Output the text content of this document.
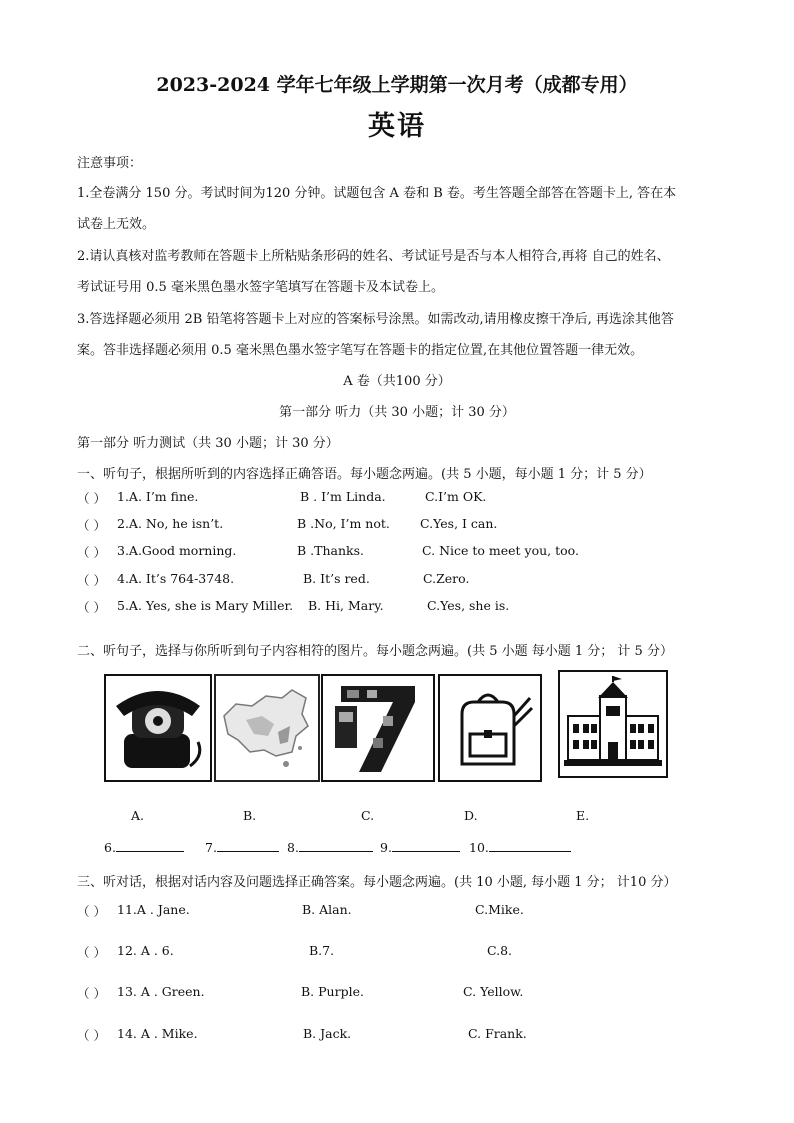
2023-2024 学年七年级上学期第一次月考（成都专用）
英语
注意事项：
1.全卷满分 150 分。考试时间为120 分钟。试题包含 A 卷和 B 卷。考生答题全部答在答题卡上, 答在本
试卷上无效。
2.请认真核对监考教师在答题卡上所粘贴条形码的姓名、考试证号是否与本人相符合,再将 自己的姓名、
考试证号用 0.5 毫米黑色墨水签字笔填写在答题卡及本试卷上。
3.答选择题必须用 2B 铅笔将答题卡上对应的答案标号涂黑。如需改动,请用橡皮擦干净后, 再选涂其他答
案。答非选择题必须用 0.5 毫米黑色墨水签字笔写在答题卡的指定位置,在其他位置答题一律无效。
A 卷（共100 分）
第一部分 听力（共 30 小题；计 30 分）
第一部分 听力测试（共 30 小题；计 30 分）
一、听句子，根据所听到的内容选择正确答语。每小题念两遍。(共 5 小题，每小题 1 分；计 5 分）
（ ） 1.A. I’m fine.	B . I’m Linda.	C.I’m OK.
（ ） 2.A. No, he isn’t.	B .No, I’m not. C.Yes, I can.
（ ） 3.A.Good morning.	B .Thanks.	C. Nice to meet you, too.
（ ） 4.A. It’s 764-3748.	B. It’s red.	C.Zero.
（ ） 5.A. Yes, she is Mary Miller. B. Hi, Mary.	C.Yes, she is.
二、听句子，选择与你所听到句子内容相符的图片。每小题念两遍。(共 5 小题 每小题 1 分； 计 5 分）
A.	B.	C.	D.	E.
6.	7.	8.	9.	10.
三、听对话，根据对话内容及问题选择正确答案。每小题念两遍。(共 10 小题, 每小题 1 分； 计10 分）
（ ） 11.A . Jane.	B. Alan.	C.Mike.
（ ） 12. A . 6.	B.7.	C.8.
（ ） 13. A . Green.	B. Purple.	C. Yellow.
（ ） 14. A . Mike.	B. Jack.	C. Frank.
